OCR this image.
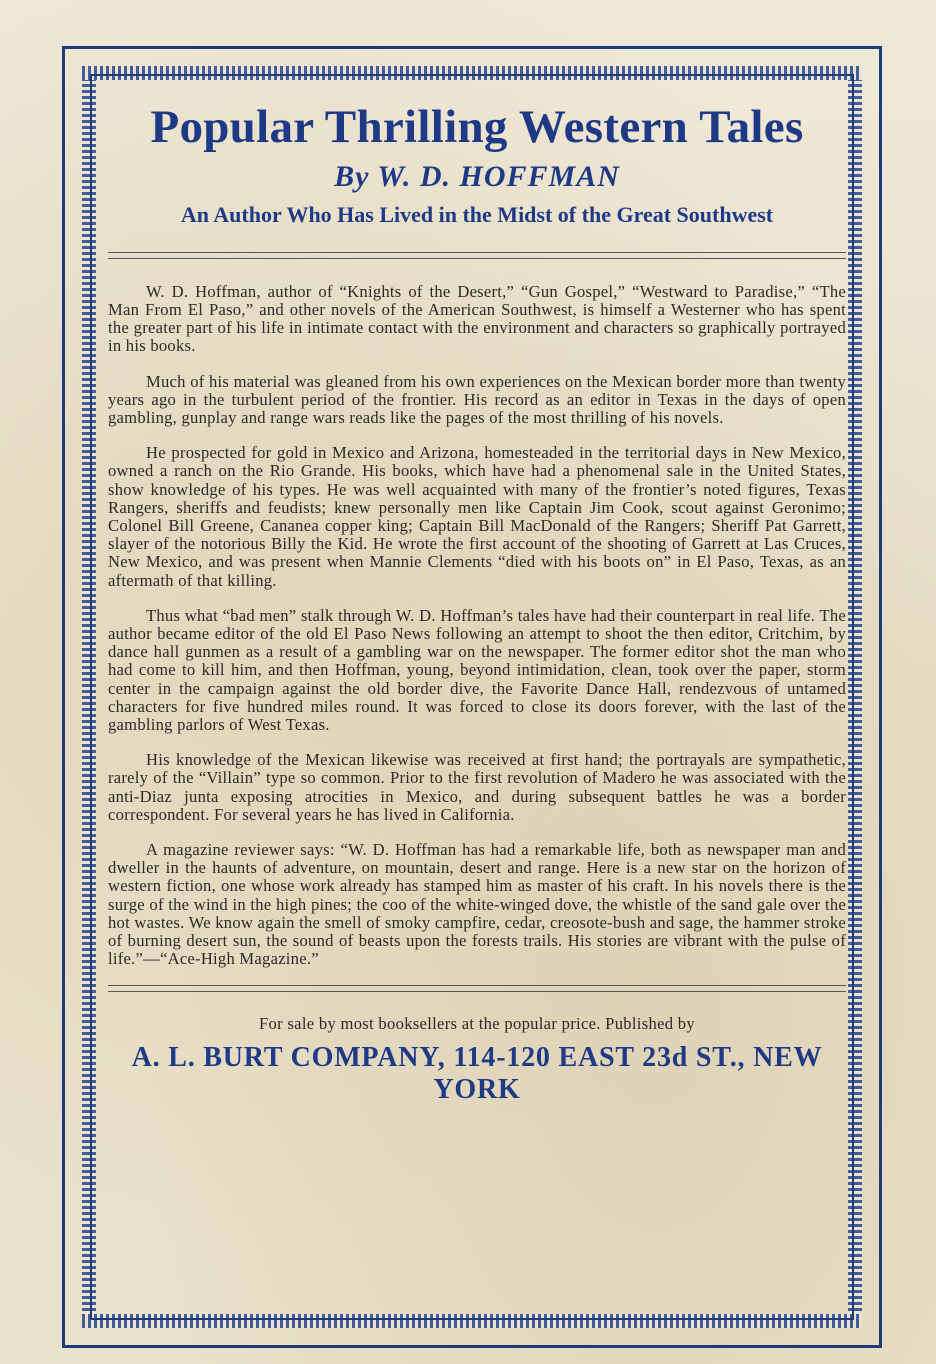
Popular Thrilling Western Tales
By W. D. HOFFMAN
An Author Who Has Lived in the Midst of the Great Southwest

W. D. Hoffman, author of “Knights of the Desert,” “Gun Gospel,” “Westward to Paradise,” “The Man From El Paso,” and other novels of the American Southwest, is himself a Westerner who has spent the greater part of his life in intimate contact with the environment and characters so graphically portrayed in his books.

Much of his material was gleaned from his own experiences on the Mexican border more than twenty years ago in the turbulent period of the frontier. His record as an editor in Texas in the days of open gambling, gunplay and range wars reads like the pages of the most thrilling of his novels.

He prospected for gold in Mexico and Arizona, homesteaded in the territorial days in New Mexico, owned a ranch on the Rio Grande. His books, which have had a phenomenal sale in the United States, show knowledge of his types. He was well acquainted with many of the frontier’s noted figures, Texas Rangers, sheriffs and feudists; knew personally men like Captain Jim Cook, scout against Geronimo; Colonel Bill Greene, Cananea copper king; Captain Bill MacDonald of the Rangers; Sheriff Pat Garrett, slayer of the notorious Billy the Kid. He wrote the first account of the shooting of Garrett at Las Cruces, New Mexico, and was present when Mannie Clements “died with his boots on” in El Paso, Texas, as an aftermath of that killing.

Thus what “bad men” stalk through W. D. Hoffman’s tales have had their counterpart in real life. The author became editor of the old El Paso News following an attempt to shoot the then editor, Critchim, by dance hall gunmen as a result of a gambling war on the newspaper. The former editor shot the man who had come to kill him, and then Hoffman, young, beyond intimidation, clean, took over the paper, storm center in the campaign against the old border dive, the Favorite Dance Hall, rendezvous of untamed characters for five hundred miles round. It was forced to close its doors forever, with the last of the gambling parlors of West Texas.

His knowledge of the Mexican likewise was received at first hand; the portrayals are sympathetic, rarely of the “Villain” type so common. Prior to the first revolution of Madero he was associated with the anti-Diaz junta exposing atrocities in Mexico, and during subsequent battles he was a border correspondent. For several years he has lived in California.

A magazine reviewer says: “W. D. Hoffman has had a remarkable life, both as newspaper man and dweller in the haunts of adventure, on mountain, desert and range. Here is a new star on the horizon of western fiction, one whose work already has stamped him as master of his craft. In his novels there is the surge of the wind in the high pines; the coo of the white-winged dove, the whistle of the sand gale over the hot wastes. We know again the smell of smoky campfire, cedar, creosote-bush and sage, the hammer stroke of burning desert sun, the sound of beasts upon the forests trails. His stories are vibrant with the pulse of life.”—“Ace-High Magazine.”

For sale by most booksellers at the popular price. Published by
A. L. BURT COMPANY, 114-120 EAST 23d ST., NEW YORK
